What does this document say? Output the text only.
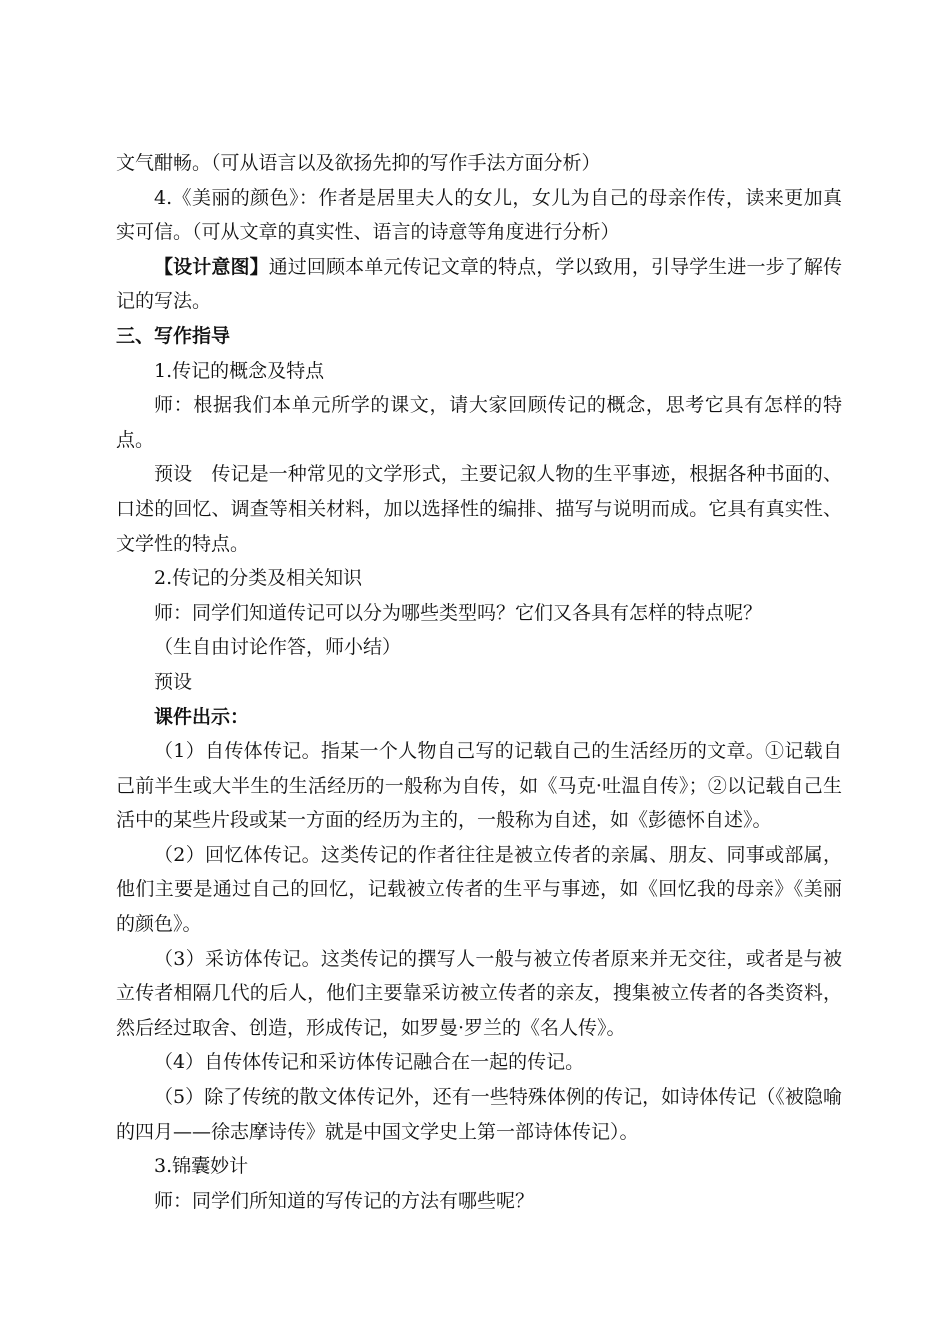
文气酣畅。（可从语言以及欲扬先抑的写作手法方面分析）

4.《美丽的颜色》：作者是居里夫人的女儿，女儿为自己的母亲作传，读来更加真实可信。（可从文章的真实性、语言的诗意等角度进行分析）

【设计意图】通过回顾本单元传记文章的特点，学以致用，引导学生进一步了解传记的写法。

三、写作指导

1.传记的概念及特点

师：根据我们本单元所学的课文，请大家回顾传记的概念，思考它具有怎样的特点。

预设　传记是一种常见的文学形式，主要记叙人物的生平事迹，根据各种书面的、口述的回忆、调查等相关材料，加以选择性的编排、描写与说明而成。它具有真实性、文学性的特点。

2.传记的分类及相关知识

师：同学们知道传记可以分为哪些类型吗？它们又各具有怎样的特点呢？

（生自由讨论作答，师小结）

预设

课件出示：

（1）自传体传记。指某一个人物自己写的记载自己的生活经历的文章。①记载自己前半生或大半生的生活经历的一般称为自传，如《马克·吐温自传》；②以记载自己生活中的某些片段或某一方面的经历为主的，一般称为自述，如《彭德怀自述》。

（2）回忆体传记。这类传记的作者往往是被立传者的亲属、朋友、同事或部属，他们主要是通过自己的回忆，记载被立传者的生平与事迹，如《回忆我的母亲》《美丽的颜色》。

（3）采访体传记。这类传记的撰写人一般与被立传者原来并无交往，或者是与被立传者相隔几代的后人，他们主要靠采访被立传者的亲友，搜集被立传者的各类资料，然后经过取舍、创造，形成传记，如罗曼·罗兰的《名人传》。

（4）自传体传记和采访体传记融合在一起的传记。

（5）除了传统的散文体传记外，还有一些特殊体例的传记，如诗体传记（《被隐喻的四月——徐志摩诗传》就是中国文学史上第一部诗体传记）。

3.锦囊妙计

师：同学们所知道的写传记的方法有哪些呢？
